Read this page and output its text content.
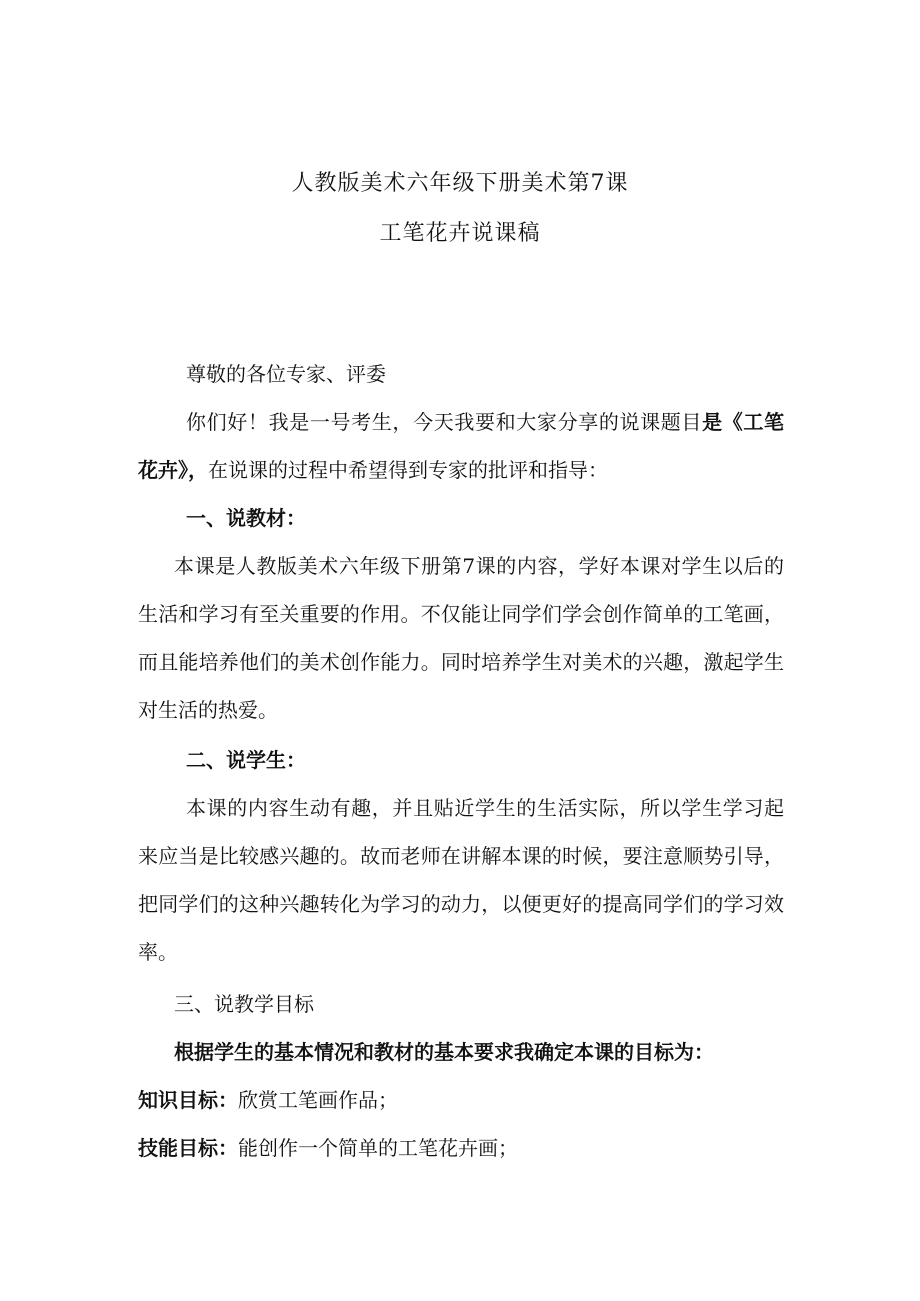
人教版美术六年级下册美术第7课
工笔花卉说课稿
尊敬的各位专家、评委
你们好！我是一号考生，今天我要和大家分享的说课题目是《工笔花卉》，在说课的过程中希望得到专家的批评和指导：
一、说教材：
本课是人教版美术六年级下册第7课的内容，学好本课对学生以后的生活和学习有至关重要的作用。不仅能让同学们学会创作简单的工笔画，而且能培养他们的美术创作能力。同时培养学生对美术的兴趣，激起学生对生活的热爱。
二、说学生：
本课的内容生动有趣，并且贴近学生的生活实际，所以学生学习起来应当是比较感兴趣的。故而老师在讲解本课的时候，要注意顺势引导，把同学们的这种兴趣转化为学习的动力，以便更好的提高同学们的学习效率。
三、说教学目标
根据学生的基本情况和教材的基本要求我确定本课的目标为：
知识目标：欣赏工笔画作品；
技能目标：能创作一个简单的工笔花卉画；
